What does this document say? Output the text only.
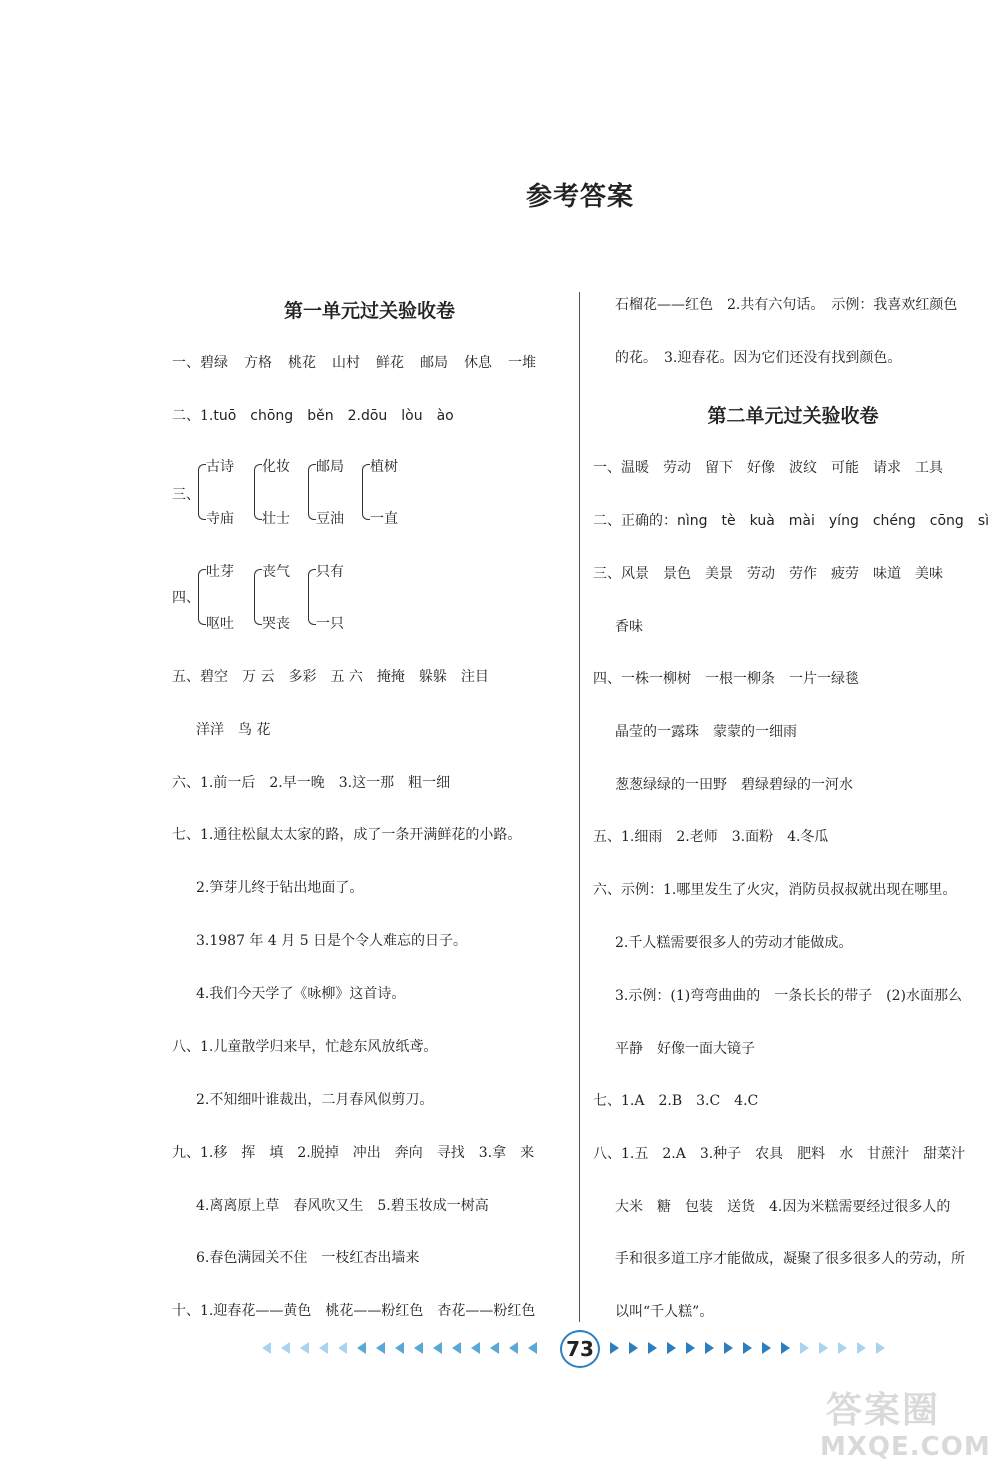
参考答案
第一单元过关验收卷
一、碧绿 方格 桃花 山村 鲜花 邮局 休息 一堆
二、1.tuō chōng běn 2.dōu lòu ào
三、
古诗
寺庙
化妆
壮士
邮局
豆油
植树
一直
四、
吐芽
呕吐
丧气
哭丧
只有
一只
五、碧空　万 云　多彩　五 六　掩掩　躲躲　注目
洋洋　鸟 花
六、1.前一后　2.早一晚　3.这一那　粗一细
七、1.通往松鼠太太家的路，成了一条开满鲜花的小路。
2.笋芽儿终于钻出地面了。
3.1987 年 4 月 5 日是个令人难忘的日子。
4.我们今天学了《咏柳》这首诗。
八、1.儿童散学归来早，忙趁东风放纸鸢。
2.不知细叶谁裁出，二月春风似剪刀。
九、1.移　挥　填　2.脱掉　冲出　奔向　寻找　3.拿　来
4.离离原上草　春风吹又生　5.碧玉妆成一树高
6.春色满园关不住　一枝红杏出墙来
十、1.迎春花——黄色　桃花——粉红色　杏花——粉红色
石榴花——红色　2.共有六句话。　示例：我喜欢红颜色
的花。　3.迎春花。因为它们还没有找到颜色。
第二单元过关验收卷
一、温暖　劳动　留下　好像　波纹　可能　请求　工具
二、正确的：nìng tè kuà mài yíng chéng cōng sì
三、风景　景色　美景　劳动　劳作　疲劳　味道　美味
香味
四、一株一柳树　一根一柳条　一片一绿毯
晶莹的一露珠　蒙蒙的一细雨
葱葱绿绿的一田野　碧绿碧绿的一河水
五、1.细雨　2.老师　3.面粉　4.冬瓜
六、示例：1.哪里发生了火灾，消防员叔叔就出现在哪里。
2.千人糕需要很多人的劳动才能做成。
3.示例：(1)弯弯曲曲的　一条长长的带子　(2)水面那么
平静　好像一面大镜子
七、1.A　2.B　3.C　4.C
八、1.五　2.A　3.种子　农具　肥料　水　甘蔗汁　甜菜汁
大米　糖　包装　送货　4.因为米糕需要经过很多人的
手和很多道工序才能做成，凝聚了很多很多人的劳动，所
以叫“千人糕”。
73
答案圈
MXQE.COM
